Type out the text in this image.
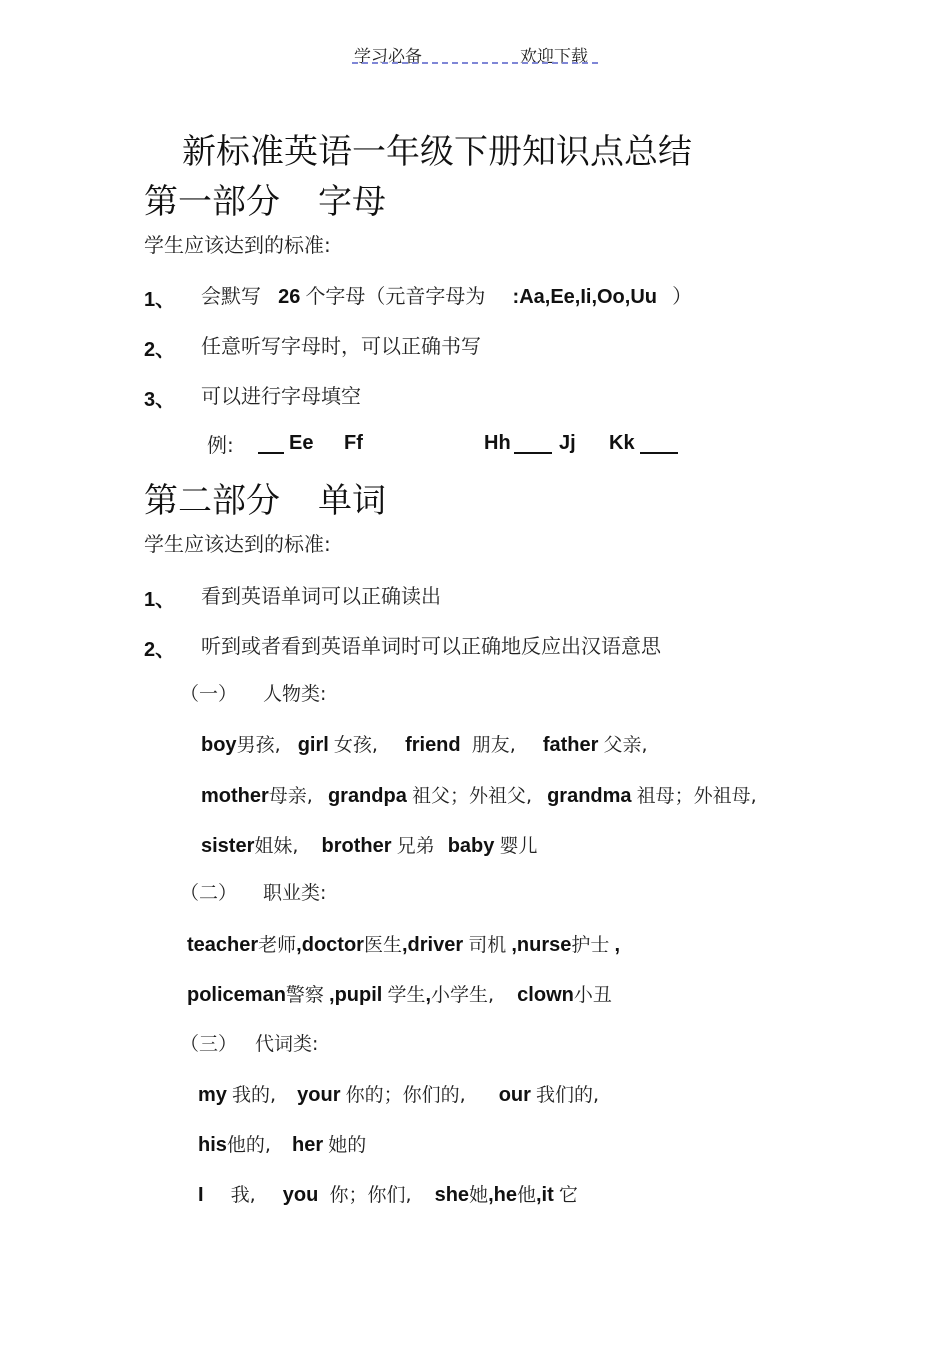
学习必备	欢迎下载
新标准英语一年级下册知识点总结
第一部分 字母
学生应该达到的标准:
1、 会默写 26 个字母（元音字母为 :Aa,Ee,Ii,Oo,Uu ）
2、 任意听写字母时，可以正确书写
3、 可以进行字母填空
例:	Ee Ff	Hh Jj Kk
第二部分 单词
学生应该达到的标准:
1、 看到英语单词可以正确读出
2、 听到或者看到英语单词时可以正确地反应出汉语意思
（一） 人物类:
boy男孩, girl 女孩, friend 朋友, father 父亲,
mother母亲, grandpa 祖父；外祖父, grandma 祖母；外祖母,
sister姐妹, brother 兄弟 baby 婴儿
（二） 职业类:
teacher老师,doctor医生,driver 司机 ,nurse护士 ,
policeman警察 ,pupil 学生,小学生, clown小丑
（三） 代词类:
my 我的, your 你的；你们的, our 我们的,
his他的, her 她的
I 我, you 你；你们, she她,he他,it 它
